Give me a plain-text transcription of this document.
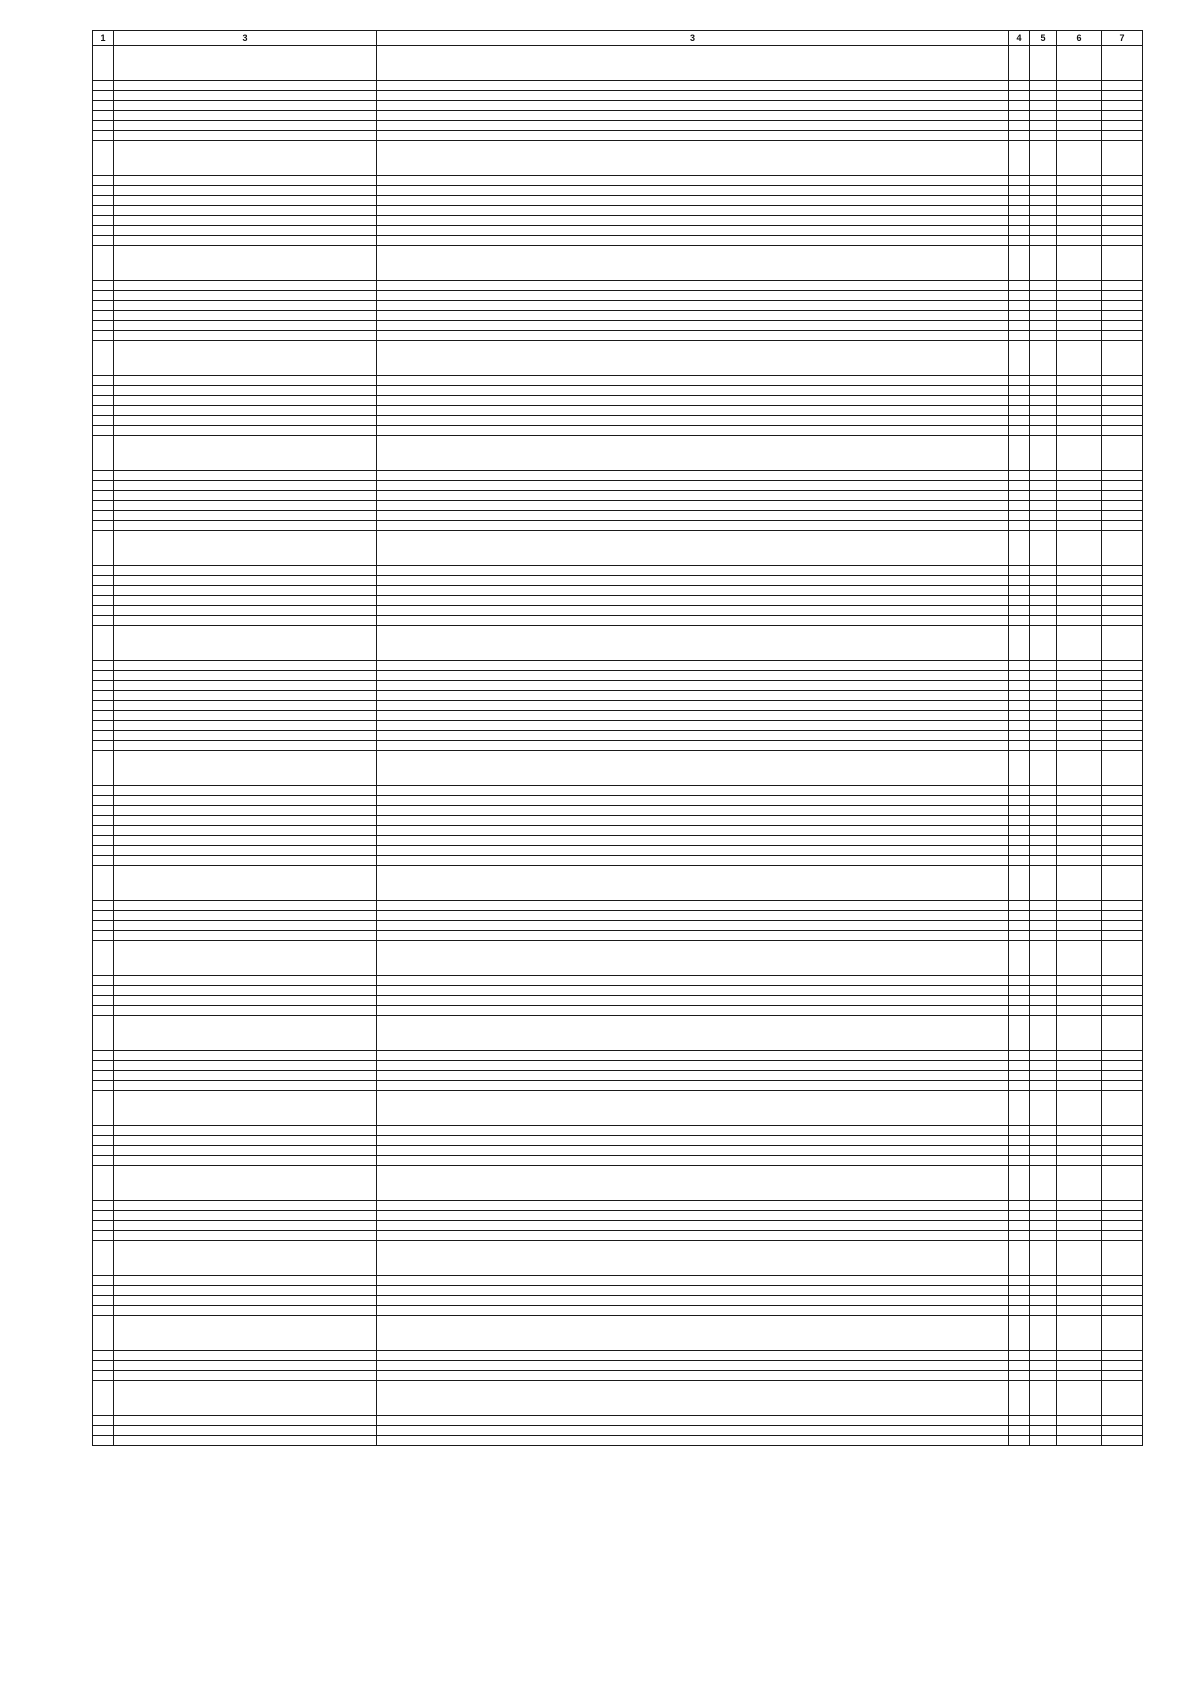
1	3	3	4	5	6	7
